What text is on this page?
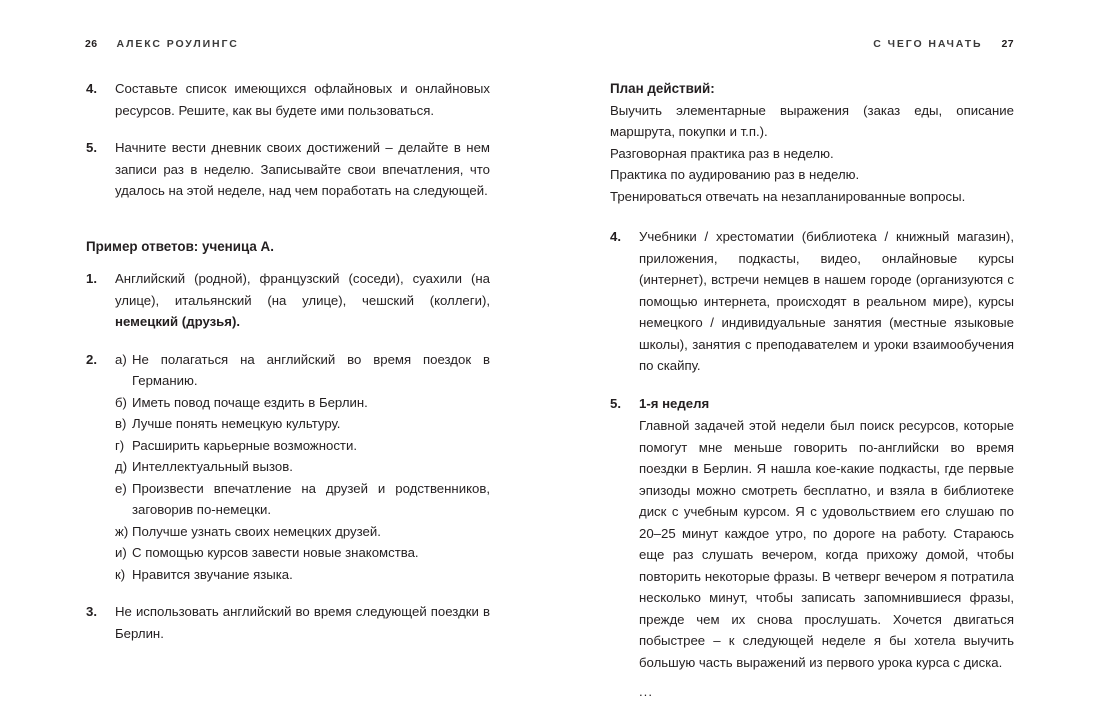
26 АЛЕКС РОУЛИНГС	С ЧЕГО НАЧАТЬ 27
4.	Составьте список имеющихся офлайновых и онлайновых ресурсов. Решите, как вы будете ими пользоваться.
5.	Начните вести дневник своих достижений – делайте в нем записи раз в неделю. Записывайте свои впечатления, что удалось на этой неделе, над чем поработать на следующей.
Пример ответов: ученица А.
1.	Английский (родной), французский (соседи), суахили (на улице), итальянский (на улице), чешский (коллеги), немецкий (друзья).
2.	а) Не полагаться на английский во время поездок в Германию.
б) Иметь повод почаще ездить в Берлин.
в) Лучше понять немецкую культуру.
г) Расширить карьерные возможности.
д) Интеллектуальный вызов.
е) Произвести впечатление на друзей и родственников, заговорив по-немецки.
ж) Получше узнать своих немецких друзей.
и) С помощью курсов завести новые знакомства.
к) Нравится звучание языка.
3.	Не использовать английский во время следующей поездки в Берлин.
План действий:
Выучить элементарные выражения (заказ еды, описание маршрута, покупки и т.п.).
Разговорная практика раз в неделю.
Практика по аудированию раз в неделю.
Тренироваться отвечать на незапланированные вопросы.
4.	Учебники / хрестоматии (библиотека / книжный магазин), приложения, подкасты, видео, онлайновые курсы (интернет), встречи немцев в нашем городе (организуются с помощью интернета, происходят в реальном мире), курсы немецкого / индивидуальные занятия (местные языковые школы), занятия с преподавателем и уроки взаимообучения по скайпу.
5.	1-я неделя
Главной задачей этой недели был поиск ресурсов, которые помогут мне меньше говорить по-английски во время поездки в Берлин. Я нашла кое-какие подкасты, где первые эпизоды можно смотреть бесплатно, и взяла в библиотеке диск с учебным курсом. Я с удовольствием его слушаю по 20–25 минут каждое утро, по дороге на работу. Стараюсь еще раз слушать вечером, когда прихожу домой, чтобы повторить некоторые фразы. В четверг вечером я потратила несколько минут, чтобы записать запомнившиеся фразы, прежде чем их снова прослушать. Хочется двигаться побыстрее – к следующей неделе я бы хотела выучить большую часть выражений из первого урока курса с диска.
...
